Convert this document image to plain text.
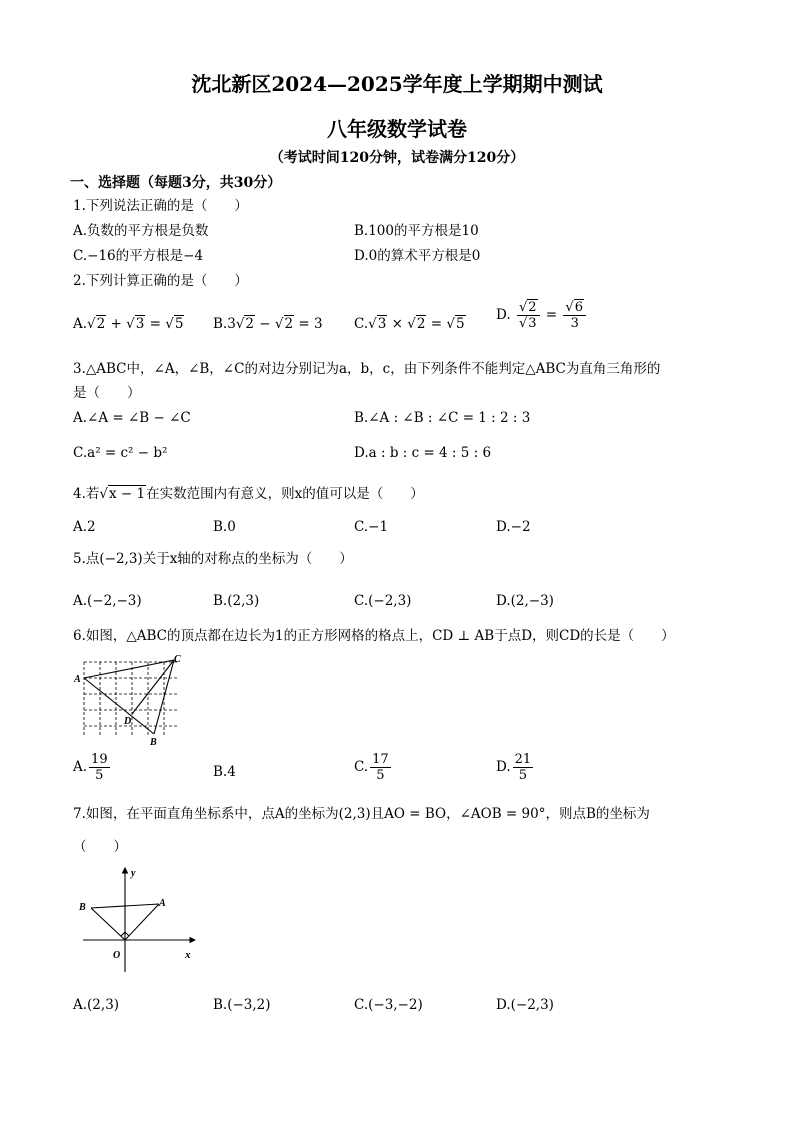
沈北新区2024—2025学年度上学期期中测试
八年级数学试卷
（考试时间120分钟，试卷满分120分）
一、选择题（每题3分，共30分）
1.下列说法正确的是（　　）
A.负数的平方根是负数	B.100的平方根是10
C.−16的平方根是−4	D.0的算术平方根是0
2.下列计算正确的是（　　）
A.√2 + √3 = √5 B.3√2 − √2 = 3 C.√3 × √2 = √5
D. $\frac{√2}{√3} = \frac{√6}{3}$
3.△ABC中，∠A，∠B，∠C的对边分别记为a，b，c，由下列条件不能判定△ABC为直角三角形的
是（　　）
A.∠A = ∠B − ∠C	B.∠A : ∠B : ∠C = 1 : 2 : 3
C.a² = c² − b²	D.a : b : c = 4 : 5 : 6
4.若√x − 1在实数范围内有意义，则x的值可以是（　　）
A.2	B.0	C.−1	D.−2
5.点(−2,3)关于x轴的对称点的坐标为（　　）
A.(−2,−3)	B.(2,3)	C.(−2,3)	D.(2,−3)
6.如图，△ABC的顶点都在边长为1的正方形网格的格点上，CD ⊥ AB于点D，则CD的长是（　　）
A
C
D
B
A. $\frac{19}{5}$	B.4	C. $\frac{17}{5}$	D. $\frac{21}{5}$
7.如图，在平面直角坐标系中，点A的坐标为(2,3)且AO = BO，∠AOB = 90°，则点B的坐标为
（　　）
y
x
O
A
B
A.(2,3)	B.(−3,2)	C.(−3,−2)	D.(−2,3)
